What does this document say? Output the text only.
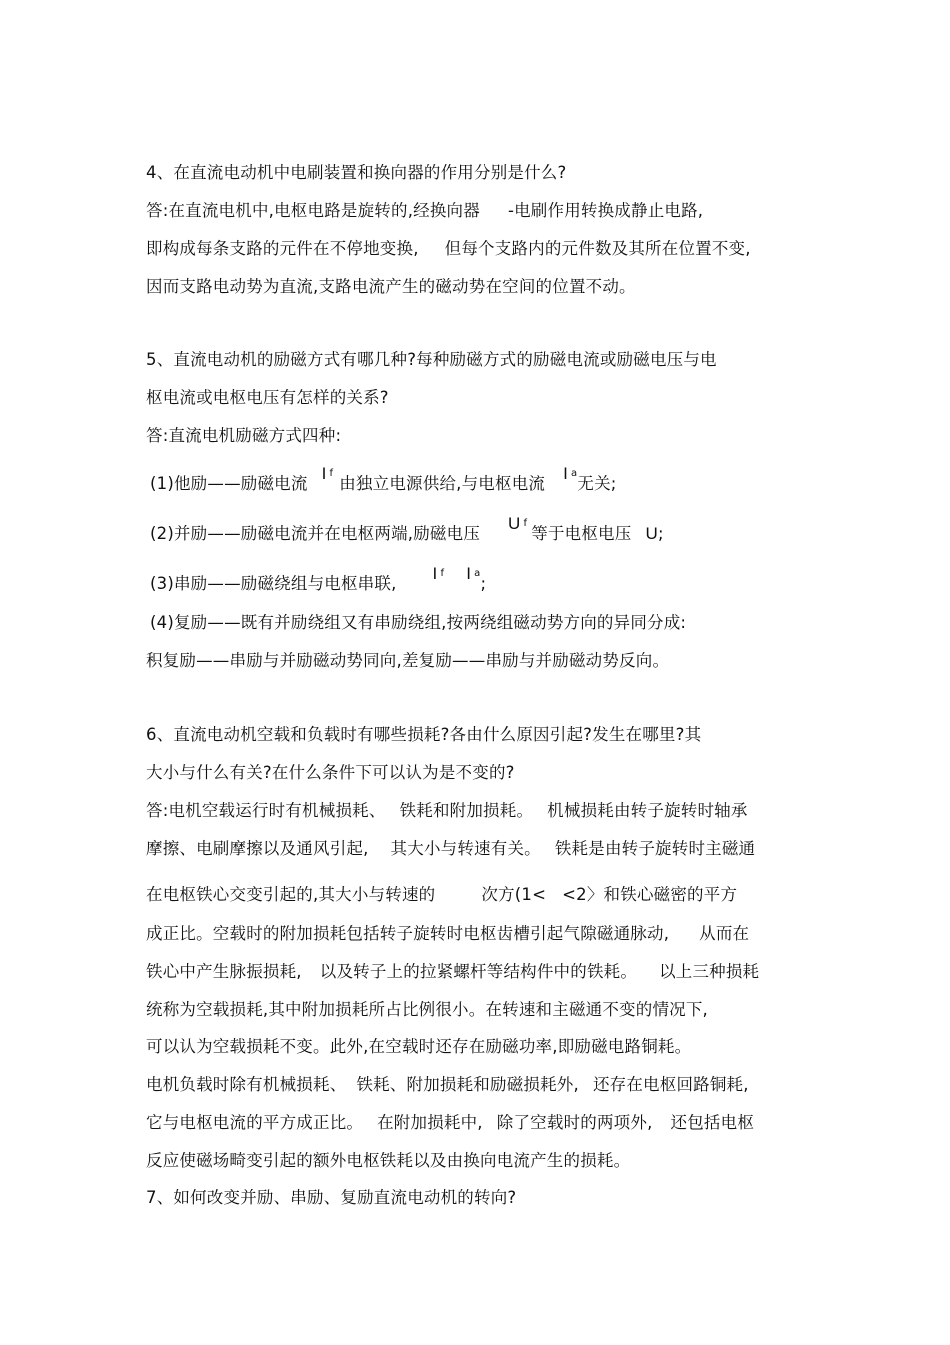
4、在直流电动机中电刷装置和换向器的作用分别是什么?
答:在直流电机中,电枢电路是旋转的,经换向器 -电刷作用转换成静止电路,
即构成每条支路的元件在不停地变换, 但每个支路内的元件数及其所在位置不变,
因而支路电动势为直流,支路电流产生的磁动势在空间的位置不动。
5、直流电动机的励磁方式有哪几种?每种励磁方式的励磁电流或励磁电压与电
枢电流或电枢电压有怎样的关系?
答:直流电机励磁方式四种:
(1)他励——励磁电流I f由独立电源供给,与电枢电流I a无关;
(2)并励——励磁电流并在电枢两端,励磁电压U f等于电枢电压 U;
(3)串励——励磁绕组与电枢串联,I f I a;
(4)复励——既有并励绕组又有串励绕组,按两绕组磁动势方向的异同分成:
积复励——串励与并励磁动势同向,差复励——串励与并励磁动势反向。
6、直流电动机空载和负载时有哪些损耗?各由什么原因引起?发生在哪里?其
大小与什么有关?在什么条件下可以认为是不变的?
答:电机空载运行时有机械损耗、 铁耗和附加损耗。 机械损耗由转子旋转时轴承
摩擦、电刷摩擦以及通风引起, 其大小与转速有关。 铁耗是由转子旋转时主磁通
在电枢铁心交变引起的,其大小与转速的	次方(1< <2〉和铁心磁密的平方
成正比。空载时的附加损耗包括转子旋转时电枢齿槽引起气隙磁通脉动, 从而在
铁心中产生脉振损耗, 以及转子上的拉紧螺杆等结构件中的铁耗。 以上三种损耗
统称为空载损耗,其中附加损耗所占比例很小。在转速和主磁通不变的情况下,
可以认为空载损耗不变。此外,在空载时还存在励磁功率,即励磁电路铜耗。
电机负载时除有机械损耗、 铁耗、附加损耗和励磁损耗外, 还存在电枢回路铜耗,
它与电枢电流的平方成正比。 在附加损耗中, 除了空载时的两项外, 还包括电枢
反应使磁场畸变引起的额外电枢铁耗以及由换向电流产生的损耗。
7、如何改变并励、串励、复励直流电动机的转向?
